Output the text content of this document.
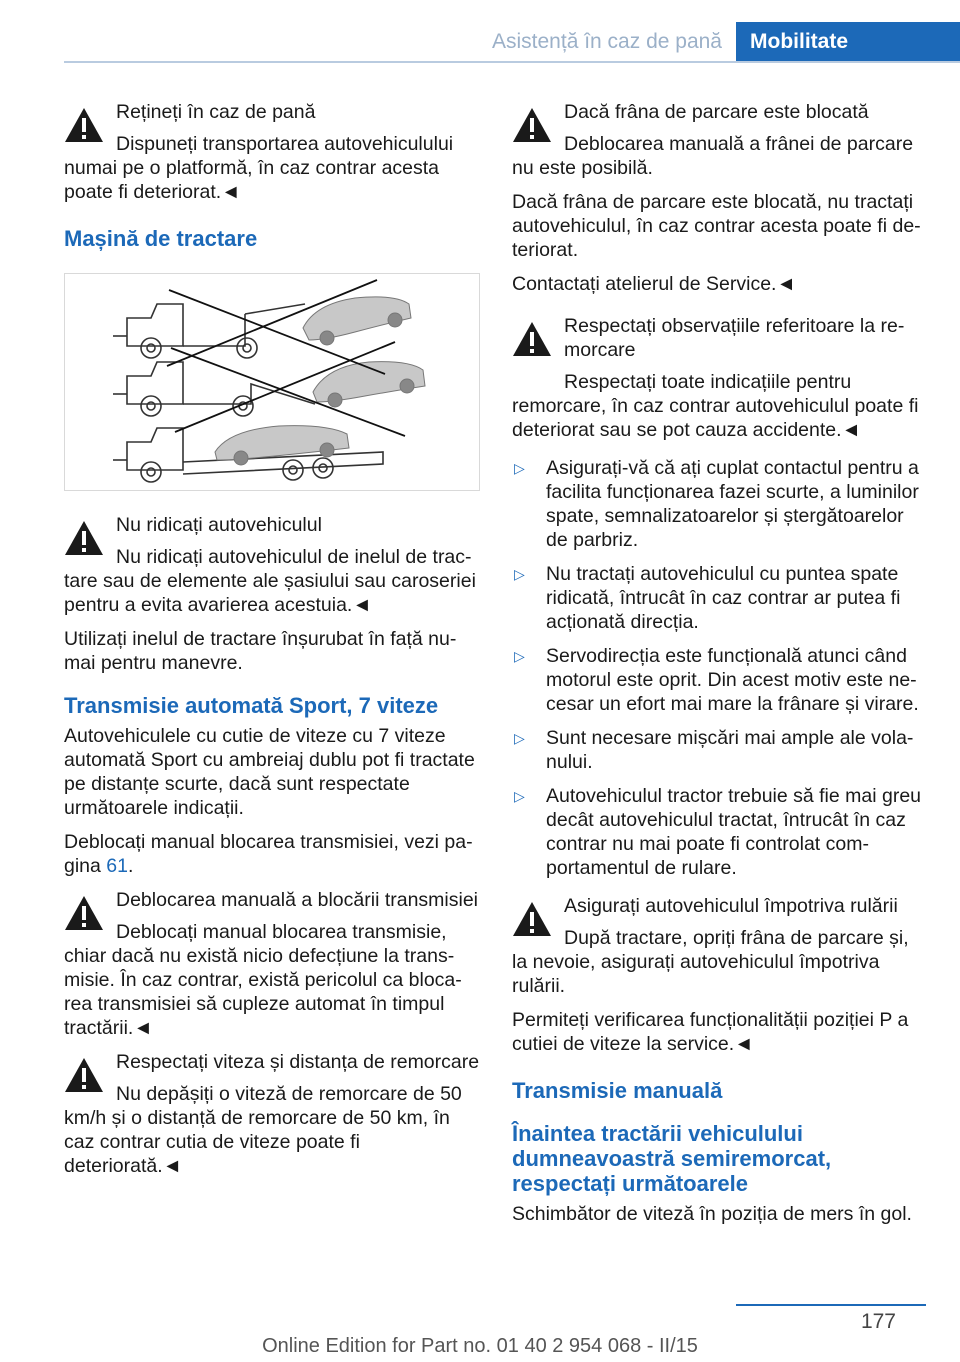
Asistență în caz de pană	Mobilitate
Rețineți în caz de pană
Dispuneți transportarea autovehiculului numai pe o platformă, în caz contrar acesta poate fi deteriorat.◄
Mașină de tractare
Nu ridicați autovehiculul
Nu ridicați autovehiculul de inelul de tractare sau de elemente ale șasiului sau caroseriei pentru a evita avarierea acestuia.◄

Utilizați inelul de tractare înșurubat în față numai pentru manevre.

Transmisie automată Sport, 7 viteze

Autovehiculele cu cutie de viteze cu 7 viteze automată Sport cu ambreiaj dublu pot fi tractate pe distanțe scurte, dacă sunt respectate următoarele indicații.

Deblocați manual blocarea transmisiei, vezi pagina 61.

Deblocarea manuală a blocării transmisiei
Deblocați manual blocarea transmisie, chiar dacă nu există nicio defecțiune la transmisie. În caz contrar, există pericolul ca blocarea transmisiei să cupleze automat în timpul tractării.◄
Respectați viteza și distanța de remorcare
Nu depășiți o viteză de remorcare de 50 km/h și o distanță de remorcare de 50 km, în caz contrar cutia de viteze poate fi deteriorată.◄
Dacă frâna de parcare este blocată
Deblocarea manuală a frânei de parcare nu este posibilă.

Dacă frâna de parcare este blocată, nu tractați autovehiculul, în caz contrar acesta poate fi deteriorat.

Contactați atelierul de Service.◄

Respectați observațiile referitoare la remorcare
Respectați toate indicațiile pentru remorcare, în caz contrar autovehiculul poate fi deteriorat sau se pot cauza accidente.◄
▷ Asigurați-vă că ați cuplat contactul pentru a facilita funcționarea fazei scurte, a luminilor spate, semnalizatoarelor și ștergătoarelor de parbriz.
▷ Nu tractați autovehiculul cu puntea spate ridicată, întrucât în caz contrar ar putea fi acționată direcția.
▷ Servodirecția este funcțională atunci când motorul este oprit. Din acest motiv este necesar un efort mai mare la frânare și virare.
▷ Sunt necesare mișcări mai ample ale volanului.
▷ Autovehiculul tractor trebuie să fie mai greu decât autovehiculul tractat, întrucât în caz contrar nu mai poate fi controlat comportamentul de rulare.
Asigurați autovehiculul împotriva rulării
După tractare, opriți frâna de parcare și, la nevoie, asigurați autovehiculul împotriva rulării.

Permiteți verificarea funcționalității poziției P a cutiei de viteze la service.◄

Transmisie manuală
Înaintea tractării vehiculului dumneavoastră semiremorcat, respectați următoarele

Schimbător de viteză în poziția de mers în gol.

177
Online Edition for Part no. 01 40 2 954 068 - II/15
